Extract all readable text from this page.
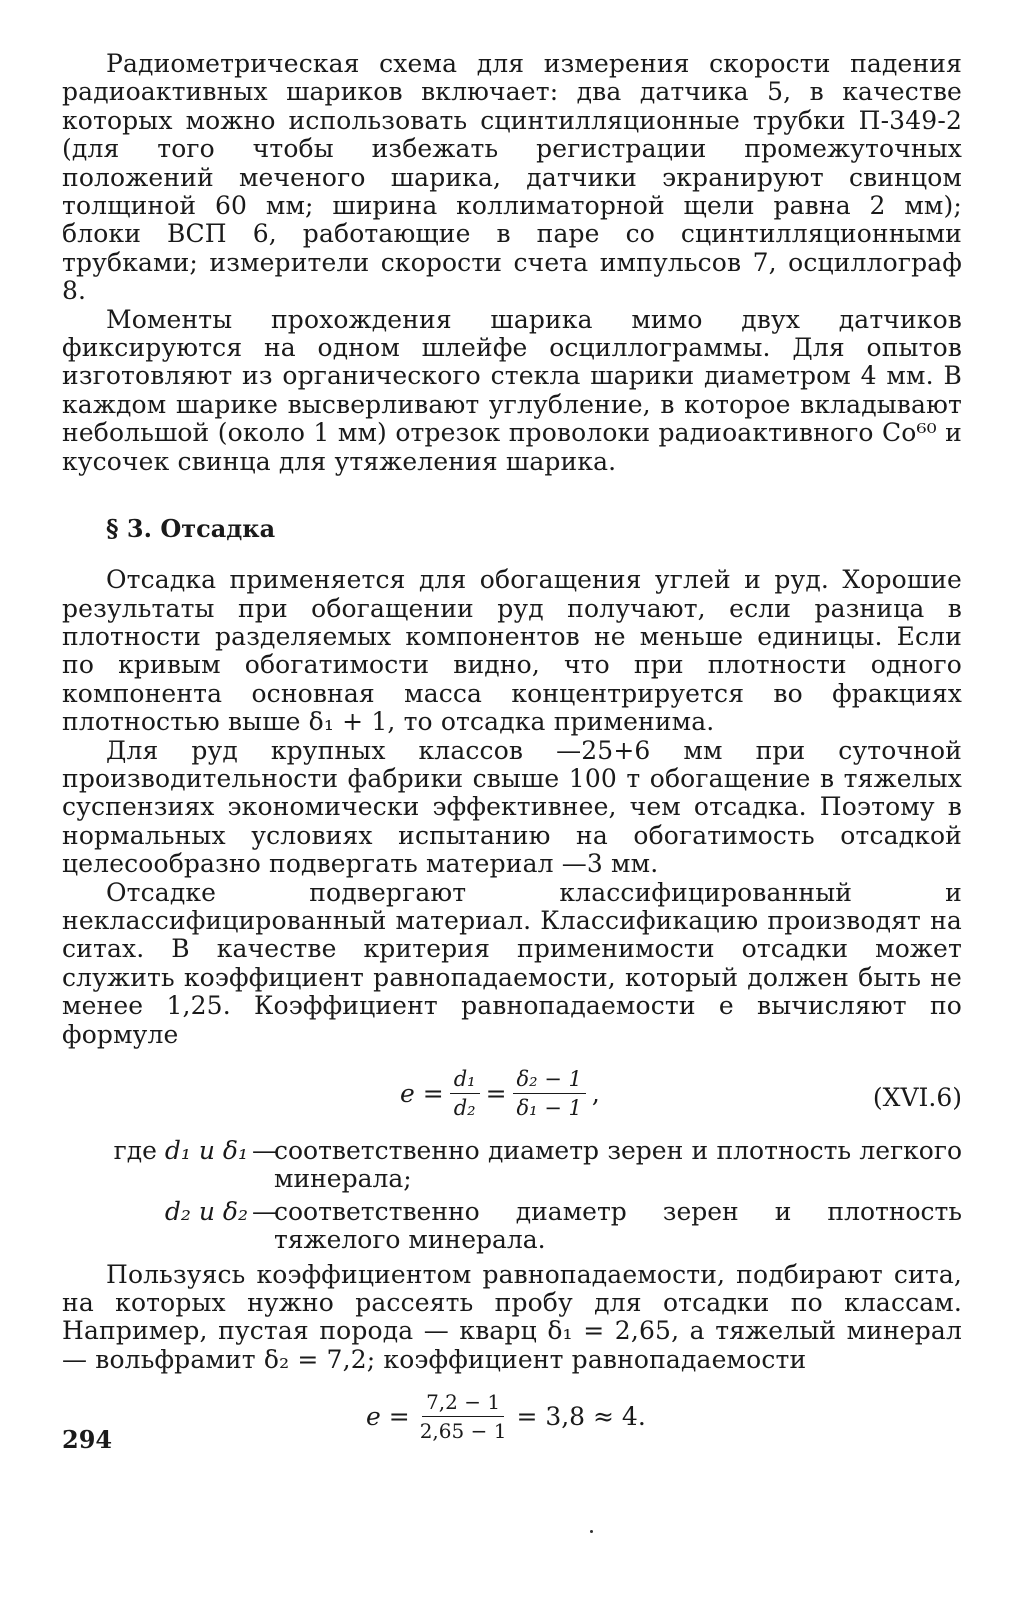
Радиометрическая схема для измерения скорости падения радиоактивных шариков включает: два датчика 5, в качестве которых можно использовать сцинтилляционные трубки П-349-2 (для того чтобы избежать регистрации промежуточных положений меченого шарика, датчики экранируют свинцом толщиной 60 мм; ширина коллиматорной щели равна 2 мм); блоки ВСП 6, работающие в паре со сцинтилляционными трубками; измерители скорости счета импульсов 7, осциллограф 8.

Моменты прохождения шарика мимо двух датчиков фиксируются на одном шлейфе осциллограммы. Для опытов изготовляют из органического стекла шарики диаметром 4 мм. В каждом шарике высверливают углубление, в которое вкладывают небольшой (около 1 мм) отрезок проволоки радиоактивного Co⁶⁰ и кусочек свинца для утяжеления шарика.

§ 3. Отсадка

Отсадка применяется для обогащения углей и руд. Хорошие результаты при обогащении руд получают, если разница в плотности разделяемых компонентов не меньше единицы. Если по кривым обогатимости видно, что при плотности одного компонента основная масса концентрируется во фракциях плотностью выше δ₁ + 1, то отсадка применима.

Для руд крупных классов —25+6 мм при суточной производительности фабрики свыше 100 т обогащение в тяжелых суспензиях экономически эффективнее, чем отсадка. Поэтому в нормальных условиях испытанию на обогатимость отсадкой целесообразно подвергать материал —3 мм.

Отсадке подвергают классифицированный и неклассифицированный материал. Классификацию производят на ситах. В качестве критерия применимости отсадки может служить коэффициент равнопадаемости, который должен быть не менее 1,25. Коэффициент равнопадаемости e вычисляют по формуле

$e = \frac{\text{d₁}}{\text{d₂}} = \frac{\text{δ₂ − 1}}{\text{δ₁ − 1}}$ ,	(XVI.6)
где d₁ и δ₁ —
соответственно диаметр зерен и плотность легкого минерала;
d₂ и δ₂ —
соответственно диаметр зерен и плотность тяжелого минерала.

Пользуясь коэффициентом равнопадаемости, подбирают сита, на которых нужно рассеять пробу для отсадки по классам. Например, пустая порода — кварц δ₁ = 2,65, а тяжелый минерал — вольфрамит δ₂ = 7,2; коэффициент равнопадаемости

$e = \frac{7,2 - 1}{2,65 - 1} = 3,8 \approx 4$.
294
